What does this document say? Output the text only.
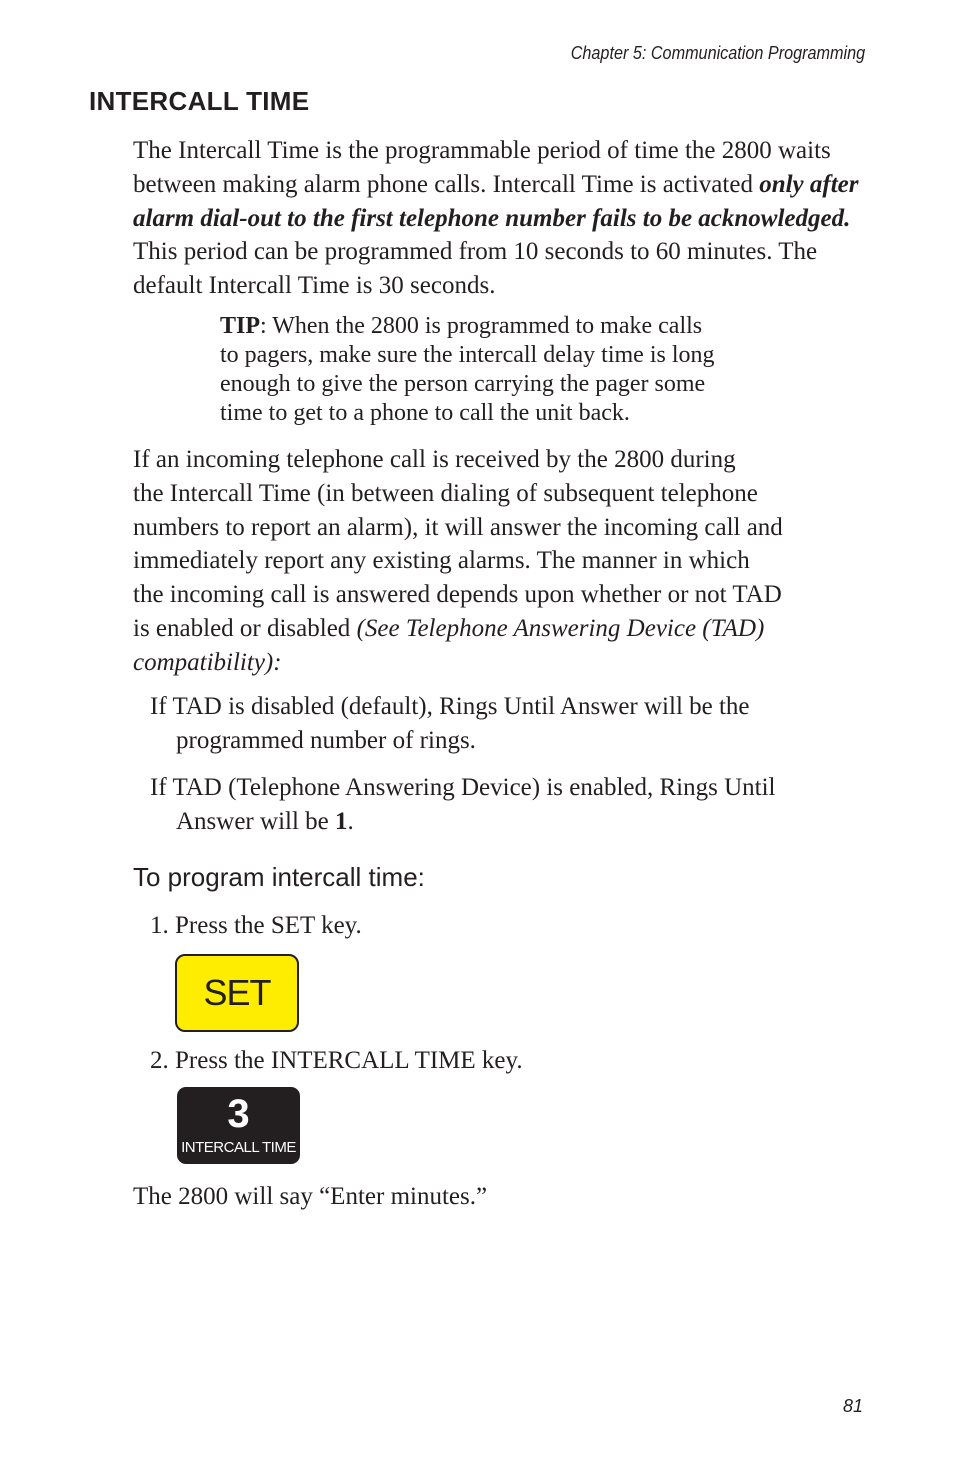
Chapter 5: Communication Programming
INTERCALL TIME
The Intercall Time is the programmable period of time the 2800 waits between making alarm phone calls. Intercall Time is activated only after alarm dial-out to the first telephone number fails to be acknowledged. This period can be programmed from 10 seconds to 60 minutes. The default Intercall Time is 30 seconds.
TIP: When the 2800 is programmed to make calls
to pagers, make sure the intercall delay time is long
enough to give the person carrying the pager some
time to get to a phone to call the unit back.
If an incoming telephone call is received by the 2800 during
the Intercall Time (in between dialing of subsequent telephone
numbers to report an alarm), it will answer the incoming call and
immediately report any existing alarms. The manner in which
the incoming call is answered depends upon whether or not TAD
is enabled or disabled (See Telephone Answering Device (TAD)
compatibility):
If TAD is disabled (default), Rings Until Answer will be the
programmed number of rings.
If TAD (Telephone Answering Device) is enabled, Rings Until
Answer will be 1.
To program intercall time:
1. Press the SET key.
SET
2. Press the INTERCALL TIME key.
3
INTERCALL TIME
The 2800 will say “Enter minutes.”
81
